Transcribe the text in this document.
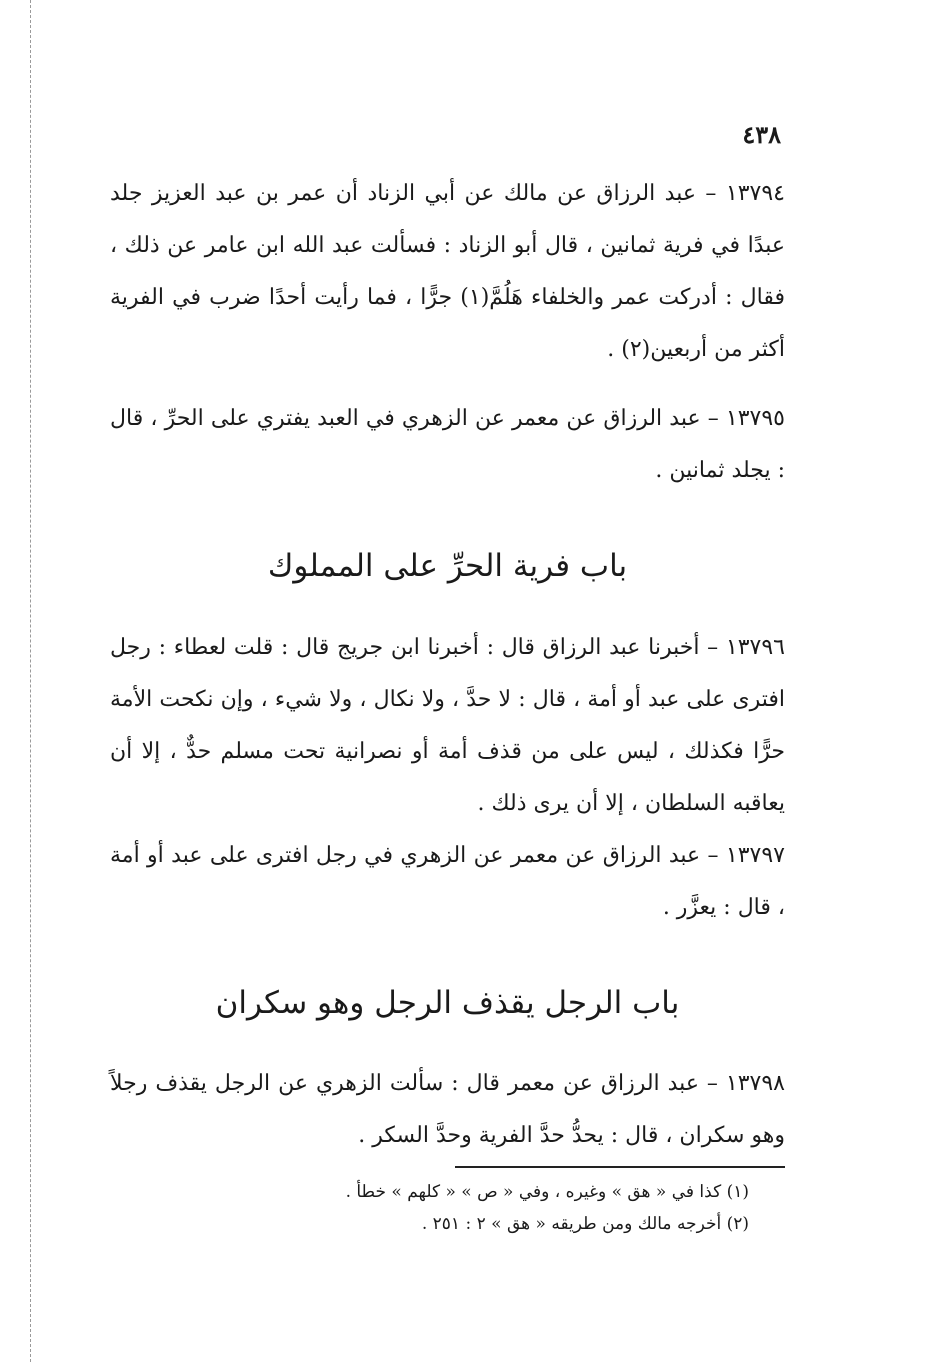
٤٣٨

١٣٧٩٤ – عبد الرزاق عن مالك عن أبي الزناد أن عمر بن عبد العزيز جلد عبدًا في فرية ثمانين ، قال أبو الزناد : فسألت عبد الله ابن عامر عن ذلك ، فقال : أدركت عمر والخلفاء هَلُمَّ(١) جرًّا ، فما رأيت أحدًا ضرب في الفرية أكثر من أربعين(٢) .

١٣٧٩٥ – عبد الرزاق عن معمر عن الزهري في العبد يفتري على الحرِّ ، قال : يجلد ثمانين .

باب فرية الحرِّ على المملوك

١٣٧٩٦ – أخبرنا عبد الرزاق قال : أخبرنا ابن جريج قال : قلت لعطاء : رجل افترى على عبد أو أمة ، قال : لا حدَّ ، ولا نكال ، ولا شيء ، وإن نكحت الأمة حرًّا فكذلك ، ليس على من قذف أمة أو نصرانية تحت مسلم حدٌّ ، إلا أن يعاقبه السلطان ، إلا أن يرى ذلك .

١٣٧٩٧ – عبد الرزاق عن معمر عن الزهري في رجل افترى على عبد أو أمة ، قال : يعزَّر .

باب الرجل يقذف الرجل وهو سكران

١٣٧٩٨ – عبد الرزاق عن معمر قال : سألت الزهري عن الرجل يقذف رجلاً وهو سكران ، قال : يحدُّ حدَّ الفرية وحدَّ السكر .

(١) كذا في « هق » وغيره ، وفي « ص » « كلهم » خطأ .
(٢) أخرجه مالك ومن طريقه « هق » ٢ : ٢٥١ .
